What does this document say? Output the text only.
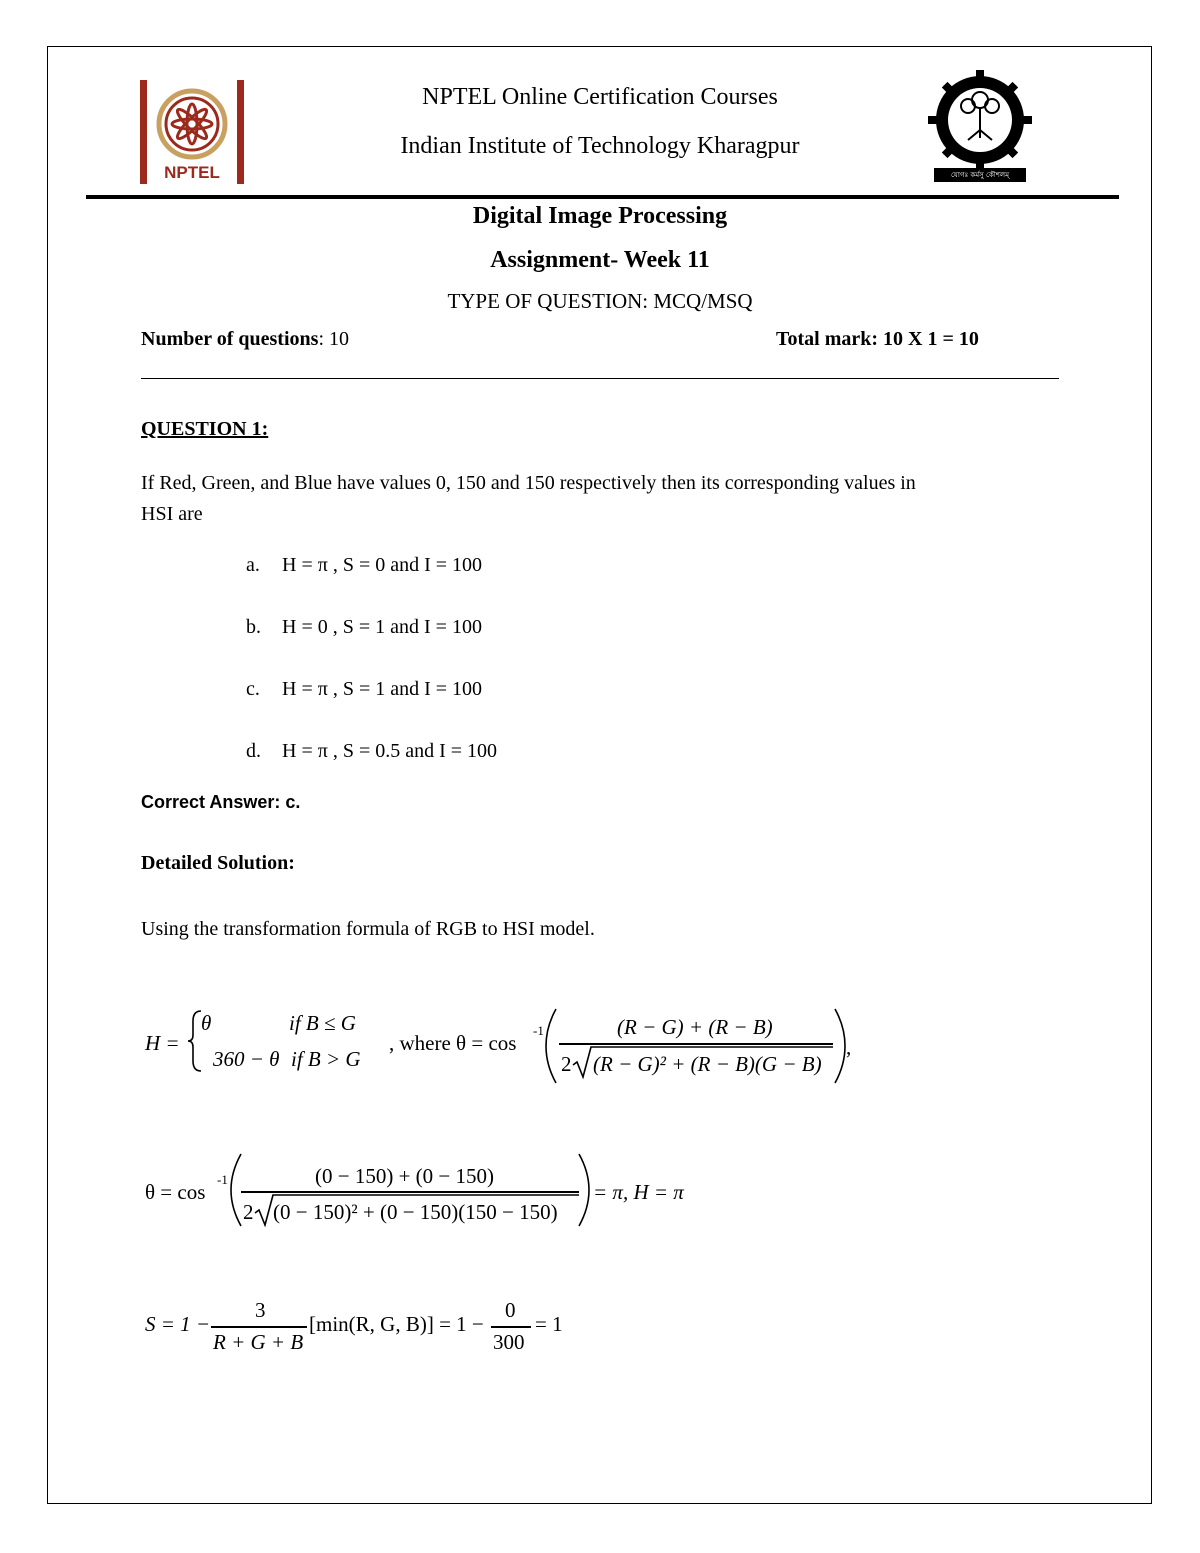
NPTEL	যোগঃ কর্মসু কৌশলম্
NPTEL Online Certification Courses
Indian Institute of Technology Kharagpur
Digital Image Processing
Assignment- Week 11
TYPE OF QUESTION: MCQ/MSQ
Number of questions: 10	Total mark: 10 X 1 = 10
QUESTION 1:
If Red, Green, and Blue have values 0, 150 and 150 respectively then its corresponding values in
HSI are
a. H = π , S = 0 and I = 100
b. H = 0 , S = 1 and I = 100
c. H = π , S = 1 and I = 100
d. H = π , S = 0.5 and I = 100
Correct Answer: c.
Detailed Solution:
Using the transformation formula of RGB to HSI model.
H =
θ	if B ≤ G
360 − θ if B > G
, where θ = cos
-1	(R − G) + (R − B)
2 (R − G)² + (R − B)(G − B)
,
θ = cos
-1	(0 − 150) + (0 − 150)
2 (0 − 150)² + (0 − 150)(150 − 150)
= π, H = π
S = 1 −
3
R + G + B
[min(R, G, B)] = 1 −
0
300
= 1
